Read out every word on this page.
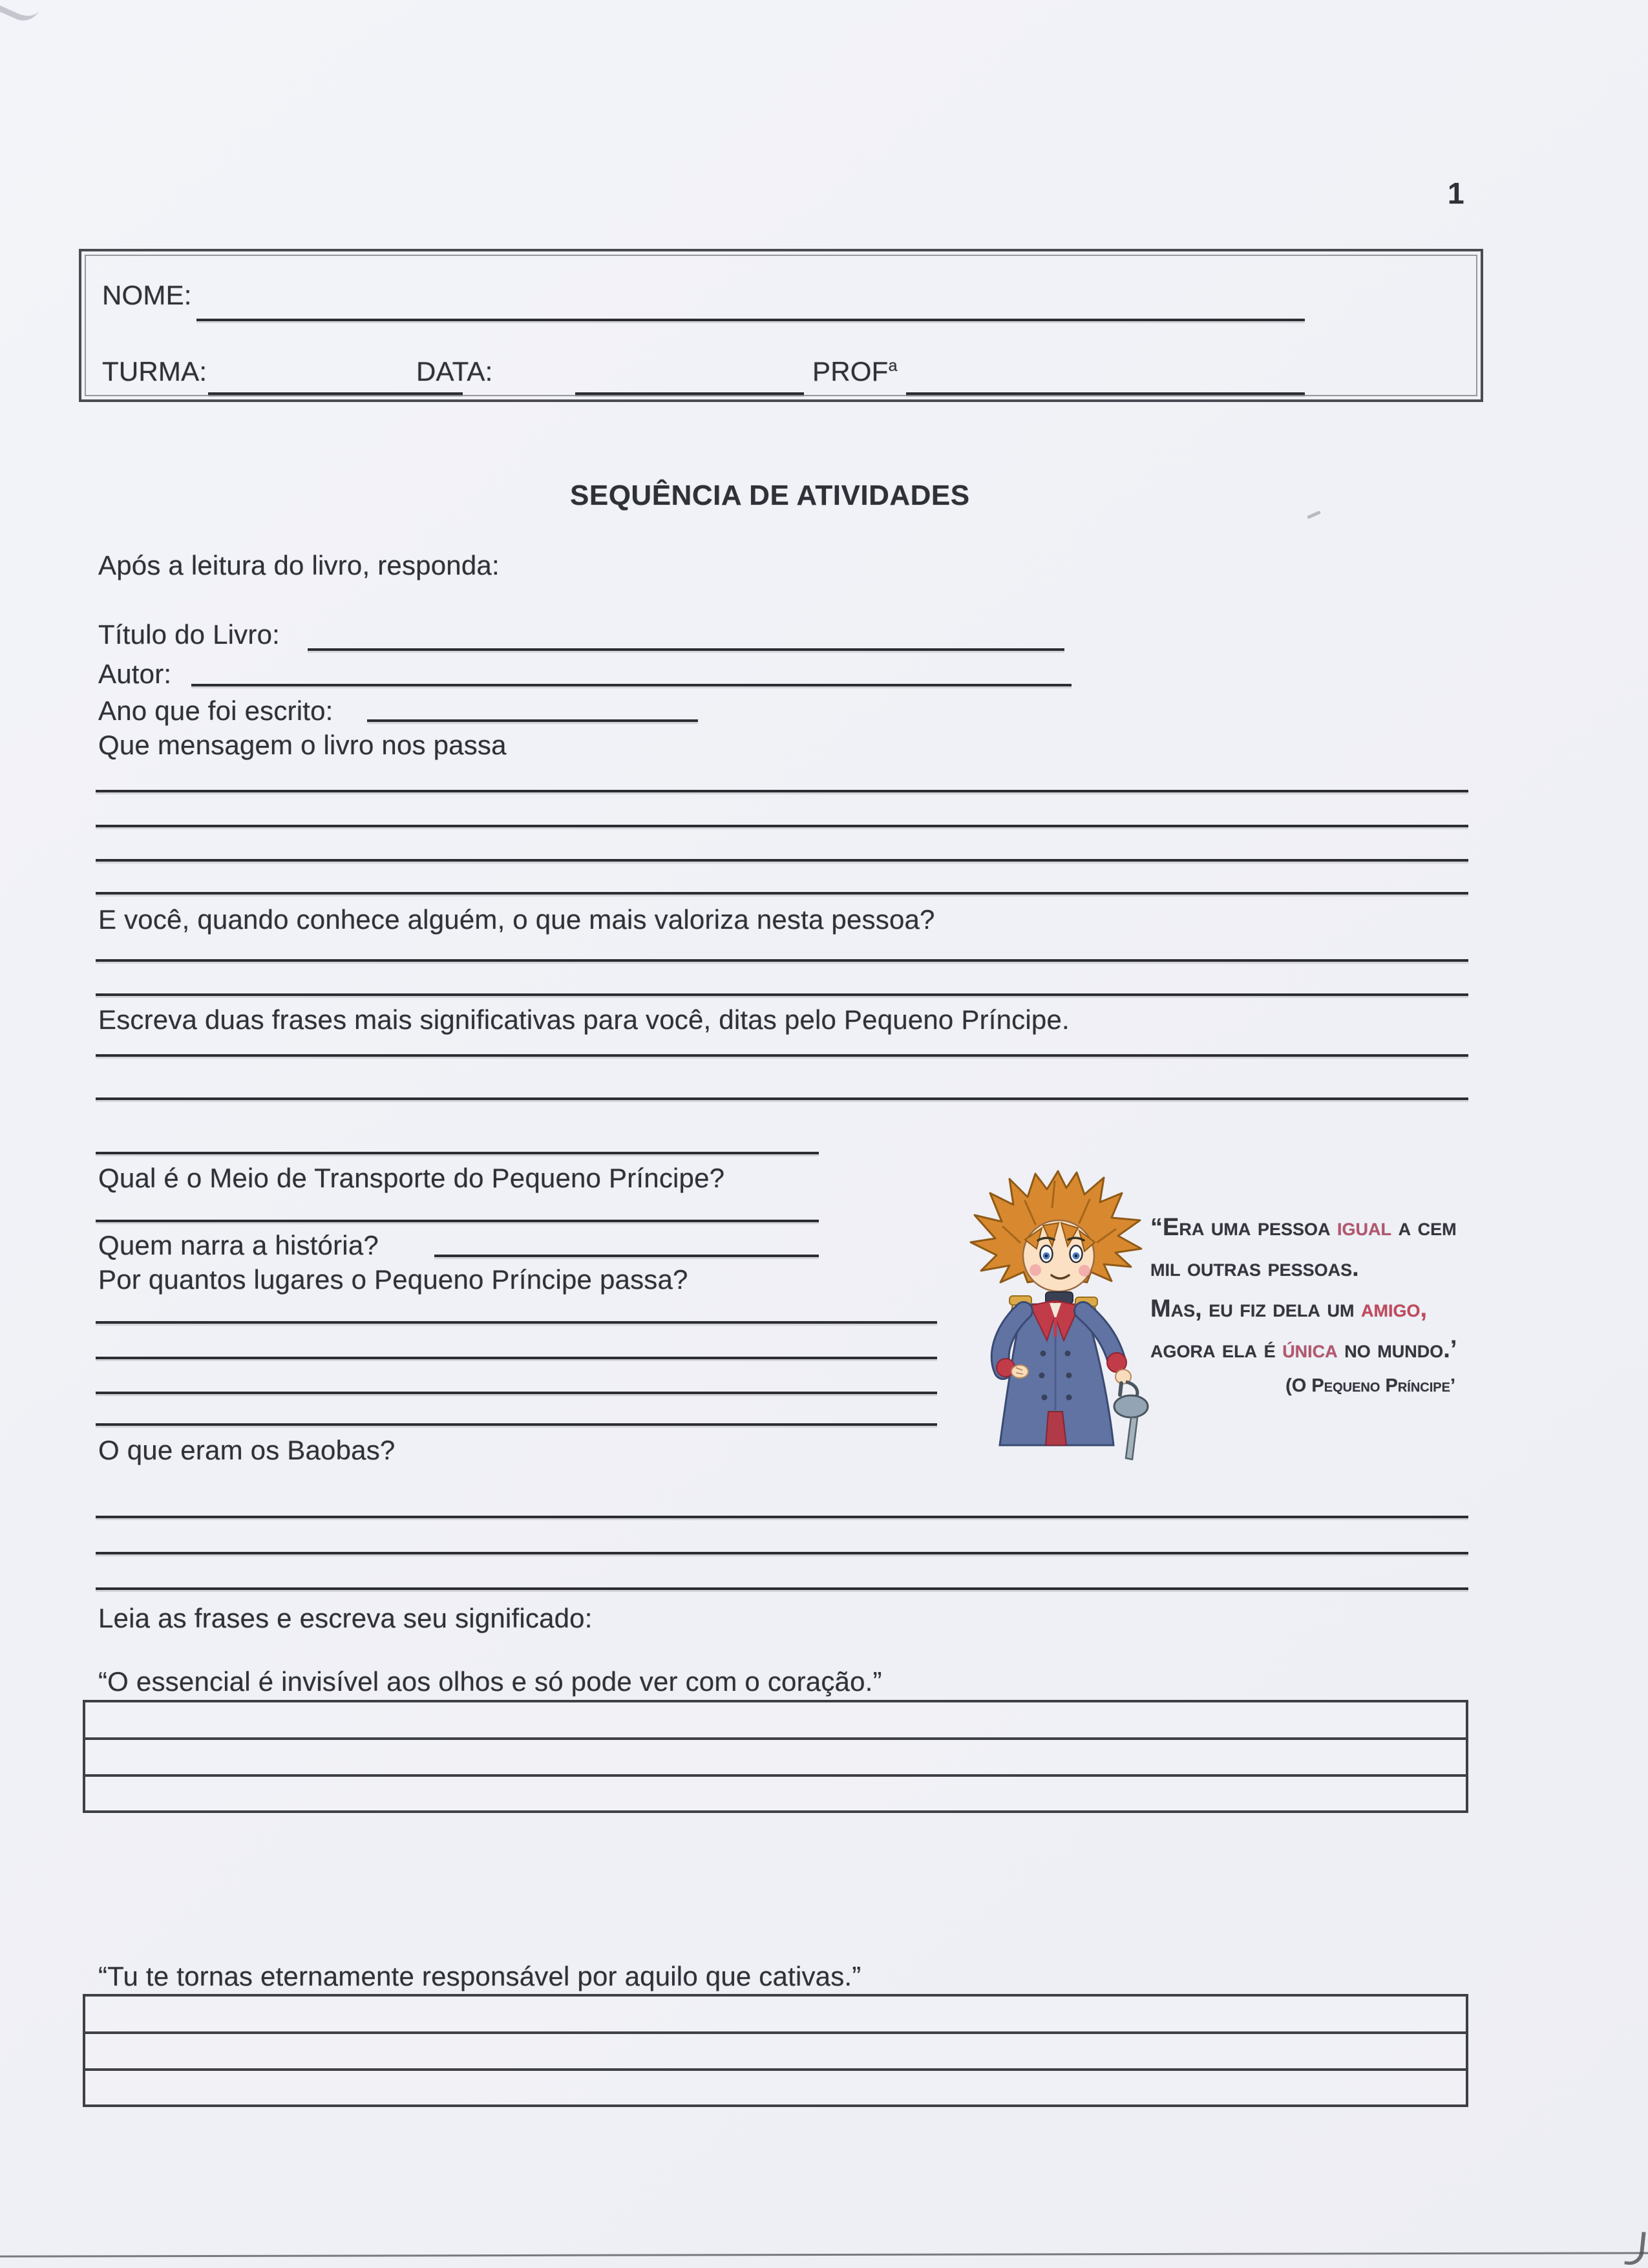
1
NOME:
TURMA:	DATA:	PROF$^a$
SEQUÊNCIA DE ATIVIDADES
Após a leitura do livro, responda:
Título do Livro:
Autor:
Ano que foi escrito:
Que mensagem o livro nos passa
E você, quando conhece alguém, o que mais valoriza nesta pessoa?
Escreva duas frases mais significativas para você, ditas pelo Pequeno Príncipe.
Qual é o Meio de Transporte do Pequeno Príncipe?
Quem narra a história?
Por quantos lugares o Pequeno Príncipe passa?
“Era uma pessoa igual a cem
mil outras pessoas.
Mas, eu fiz dela um amigo,
agora ela é única no mundo.’
(O Pequeno Príncipe’
O que eram os Baobas?
Leia as frases e escreva seu significado:
“O essencial é invisível aos olhos e só pode ver com o coração.”
“Tu te tornas eternamente responsável por aquilo que cativas.”
